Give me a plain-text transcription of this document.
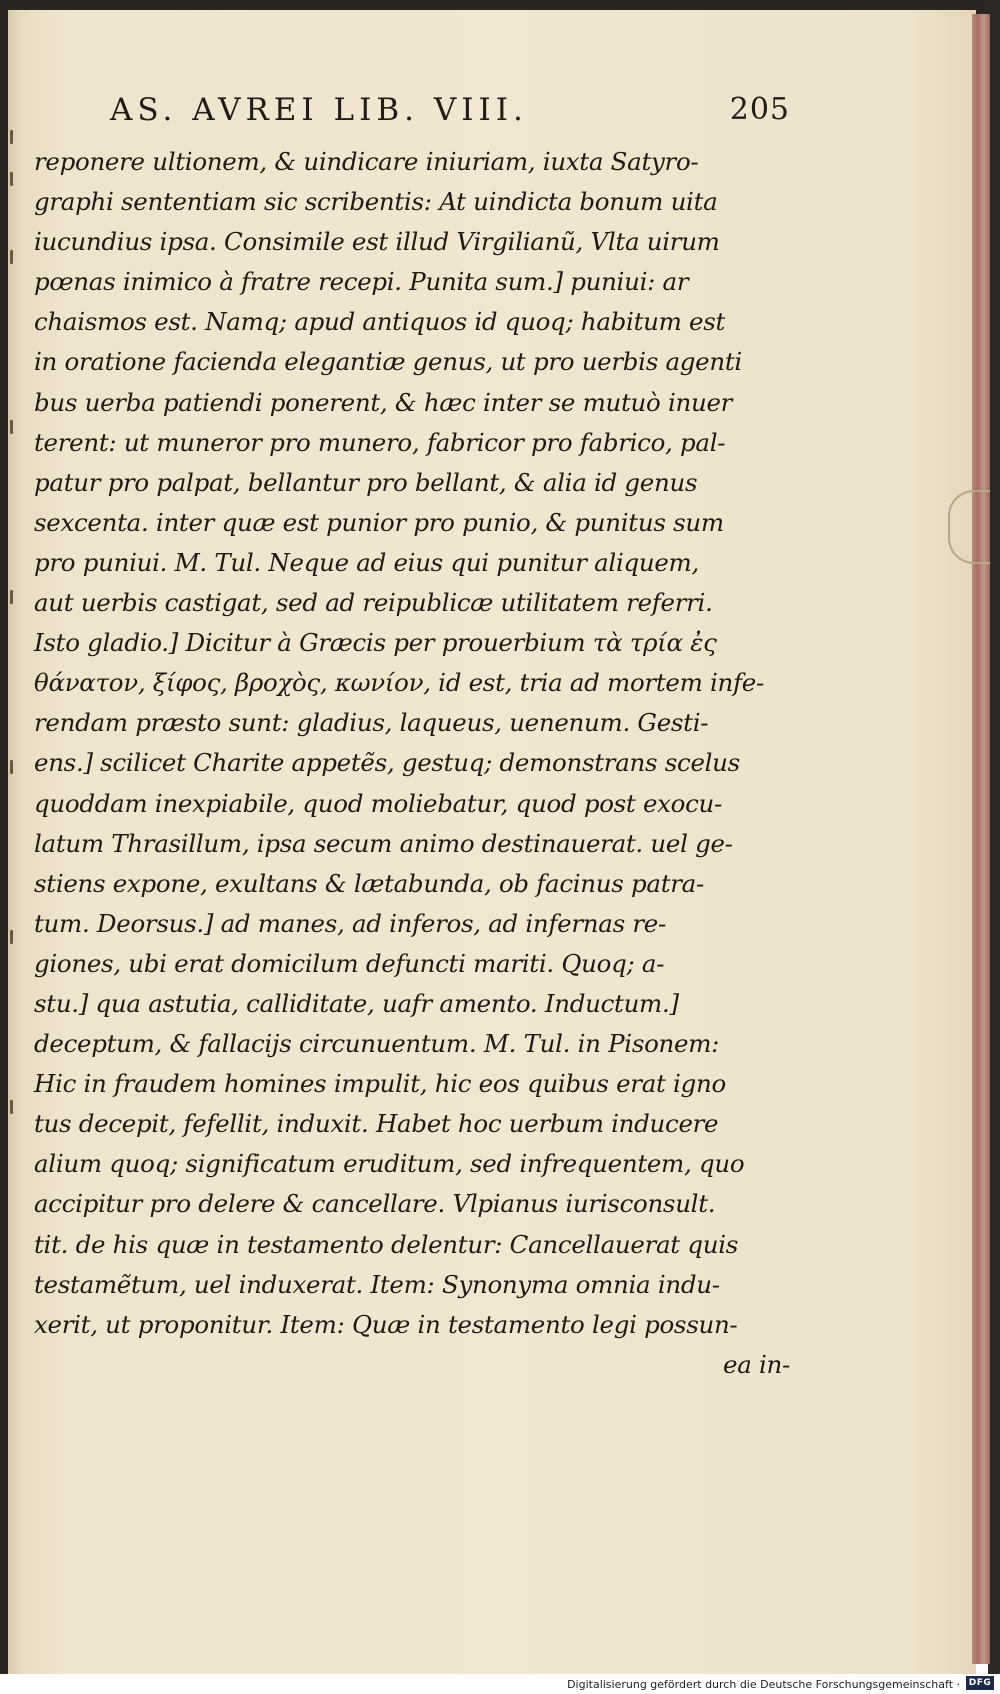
AS. AVREI LIB. VIII.	205
reponere ultionem, & uindicare iniuriam, iuxta Satyro-
graphi sententiam sic scribentis: At uindicta bonum uita
iucundius ipsa. Consimile est illud Virgilianũ, Vlta uirum
pœnas inimico à fratre recepi. Punita sum.] puniui: ar
chaismos est. Namq; apud antiquos id quoq; habitum est
in oratione facienda elegantiæ genus, ut pro uerbis agenti
bus uerba patiendi ponerent, & hæc inter se mutuò inuer
terent: ut muneror pro munero, fabricor pro fabrico, pal-
patur pro palpat, bellantur pro bellant, & alia id genus
sexcenta. inter quæ est punior pro punio, & punitus sum
pro puniui. M. Tul. Neque ad eius qui punitur aliquem,
aut uerbis castigat, sed ad reipublicæ utilitatem referri.
Isto gladio.] Dicitur à Græcis per prouerbium τὰ τρία ἐς
θάνατον, ξίφος, βροχὸς, κωνίον, id est, tria ad mortem infe-
rendam præsto sunt: gladius, laqueus, uenenum. Gesti-
ens.] scilicet Charite appetẽs, gestuq; demonstrans scelus
quoddam inexpiabile, quod moliebatur, quod post exocu-
latum Thrasillum, ipsa secum animo destinauerat. uel ge-
stiens expone, exultans & lætabunda, ob facinus patra-
tum. Deorsus.] ad manes, ad inferos, ad infernas re-
giones, ubi erat domicilum defuncti mariti. Quoq; a-
stu.] qua astutia, calliditate, uafr amento. Inductum.]
deceptum, & fallacijs circunuentum. M. Tul. in Pisonem:
Hic in fraudem homines impulit, hic eos quibus erat igno
tus decepit, fefellit, induxit. Habet hoc uerbum inducere
alium quoq; significatum eruditum, sed infrequentem, quo
accipitur pro delere & cancellare. Vlpianus iurisconsult.
tit. de his quæ in testamento delentur: Cancellauerat quis
testamẽtum, uel induxerat. Item: Synonyma omnia indu-
xerit, ut proponitur. Item: Quæ in testamento legi possun-
ea in-
Digitalisierung gefördert durch die Deutsche Forschungsgemeinschaft · DFG
